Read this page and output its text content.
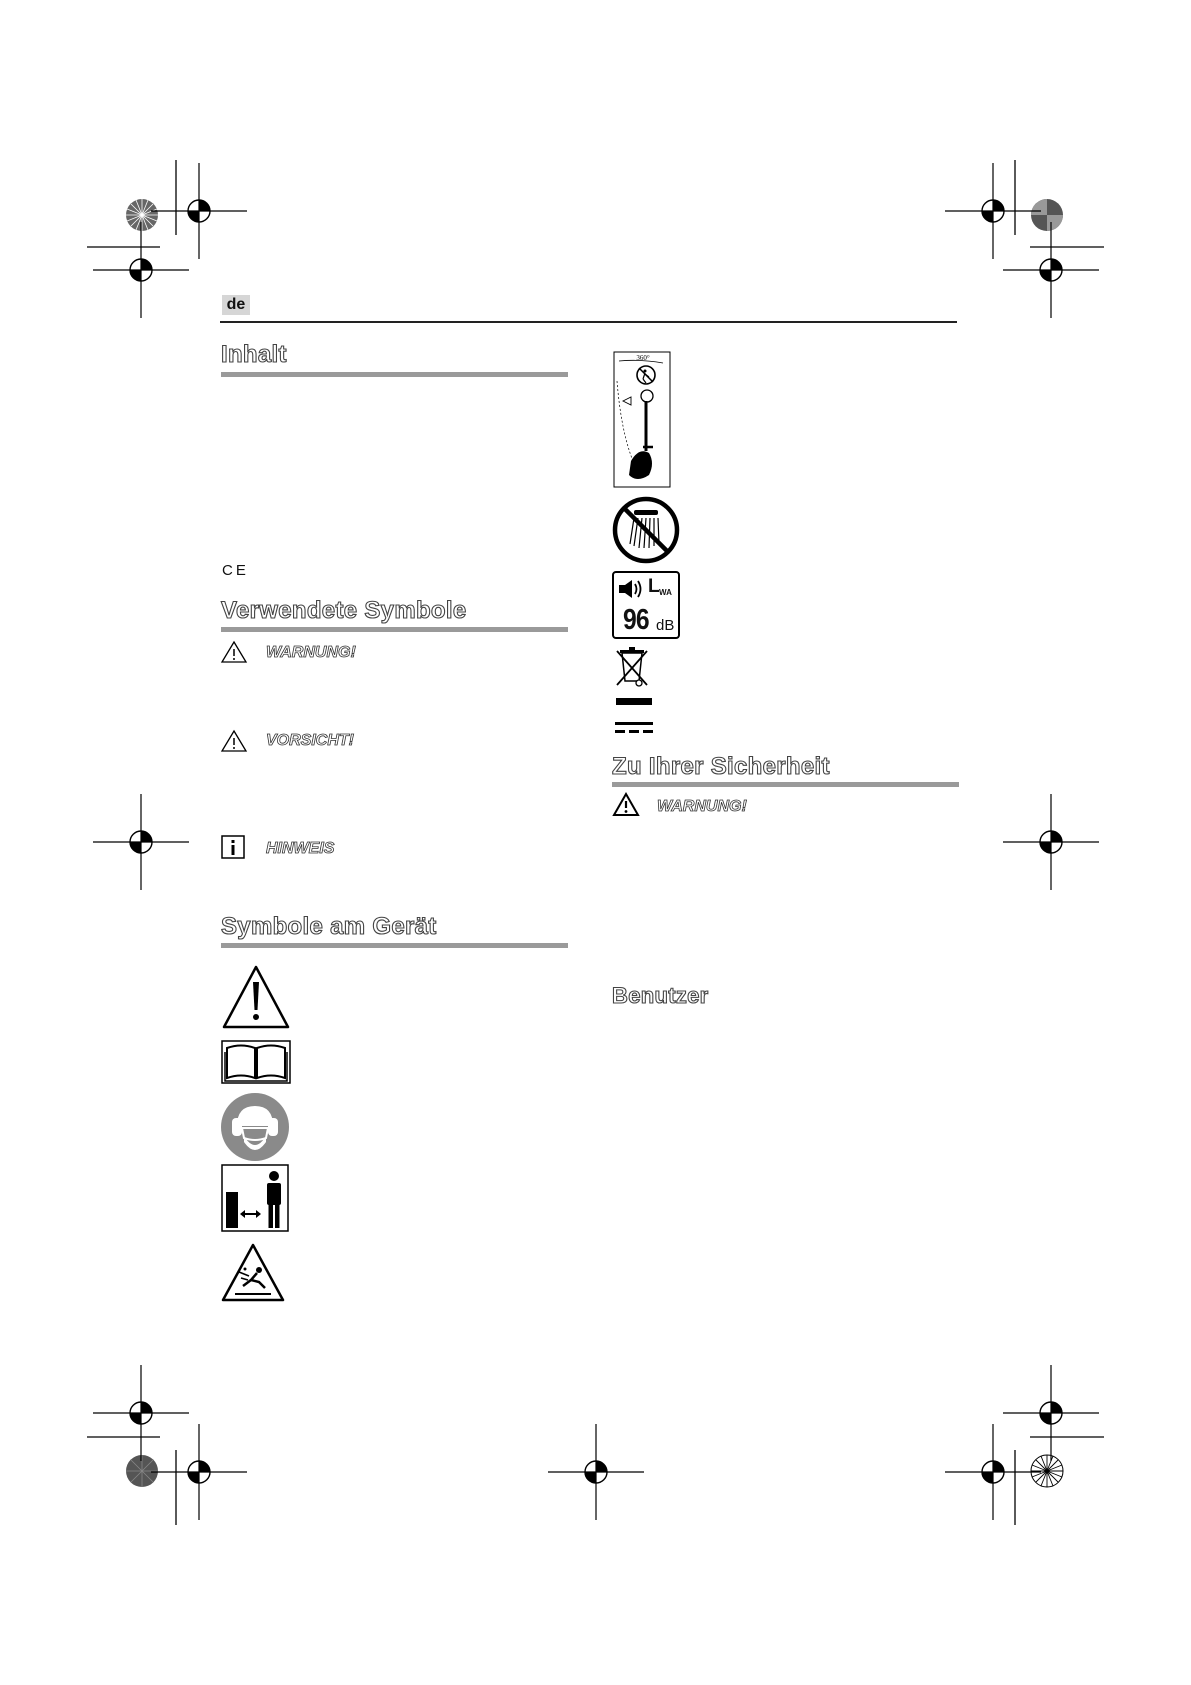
de
Inhalt
CE
Verwendete Symbole
WARNUNG!
VORSICHT!
HINWEIS
Symbole am Gerät
360°
L WA
96 dB
Zu Ihrer Sicherheit
WARNUNG!
Benutzer
